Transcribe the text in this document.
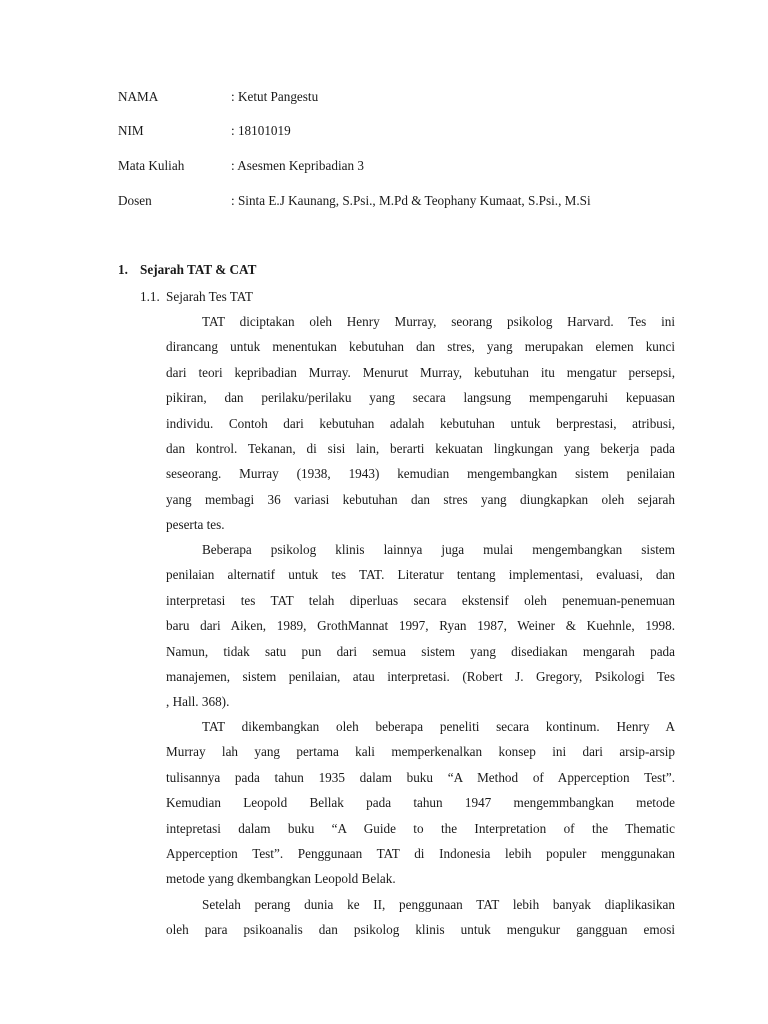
NAMA	: Ketut Pangestu
NIM	: 18101019
Mata Kuliah	: Asesmen Kepribadian 3
Dosen	: Sinta E.J Kaunang, S.Psi., M.Pd & Teophany Kumaat, S.Psi., M.Si
1. Sejarah TAT & CAT
1.1. Sejarah Tes TAT
TAT diciptakan oleh Henry Murray, seorang psikolog Harvard. Tes ini
dirancang untuk menentukan kebutuhan dan stres, yang merupakan elemen kunci
dari teori kepribadian Murray. Menurut Murray, kebutuhan itu mengatur persepsi,
pikiran, dan perilaku/perilaku yang secara langsung mempengaruhi kepuasan
individu. Contoh dari kebutuhan adalah kebutuhan untuk berprestasi, atribusi,
dan kontrol. Tekanan, di sisi lain, berarti kekuatan lingkungan yang bekerja pada
seseorang. Murray (1938, 1943) kemudian mengembangkan sistem penilaian
yang membagi 36 variasi kebutuhan dan stres yang diungkapkan oleh sejarah
peserta tes.
Beberapa psikolog klinis lainnya juga mulai mengembangkan sistem
penilaian alternatif untuk tes TAT. Literatur tentang implementasi, evaluasi, dan
interpretasi tes TAT telah diperluas secara ekstensif oleh penemuan-penemuan
baru dari Aiken, 1989, GrothMannat 1997, Ryan 1987, Weiner & Kuehnle, 1998.
Namun, tidak satu pun dari semua sistem yang disediakan mengarah pada
manajemen, sistem penilaian, atau interpretasi. (Robert J. Gregory, Psikologi Tes
, Hall. 368).
TAT dikembangkan oleh beberapa peneliti secara kontinum. Henry A
Murray lah yang pertama kali memperkenalkan konsep ini dari arsip-arsip
tulisannya pada tahun 1935 dalam buku “A Method of Apperception Test”.
Kemudian Leopold Bellak pada tahun 1947 mengemmbangkan metode
intepretasi dalam buku “A Guide to the Interpretation of the Thematic
Apperception Test”. Penggunaan TAT di Indonesia lebih populer menggunakan
metode yang dkembangkan Leopold Belak.
Setelah perang dunia ke II, penggunaan TAT lebih banyak diaplikasikan
oleh para psikoanalis dan psikolog klinis untuk mengukur gangguan emosi
